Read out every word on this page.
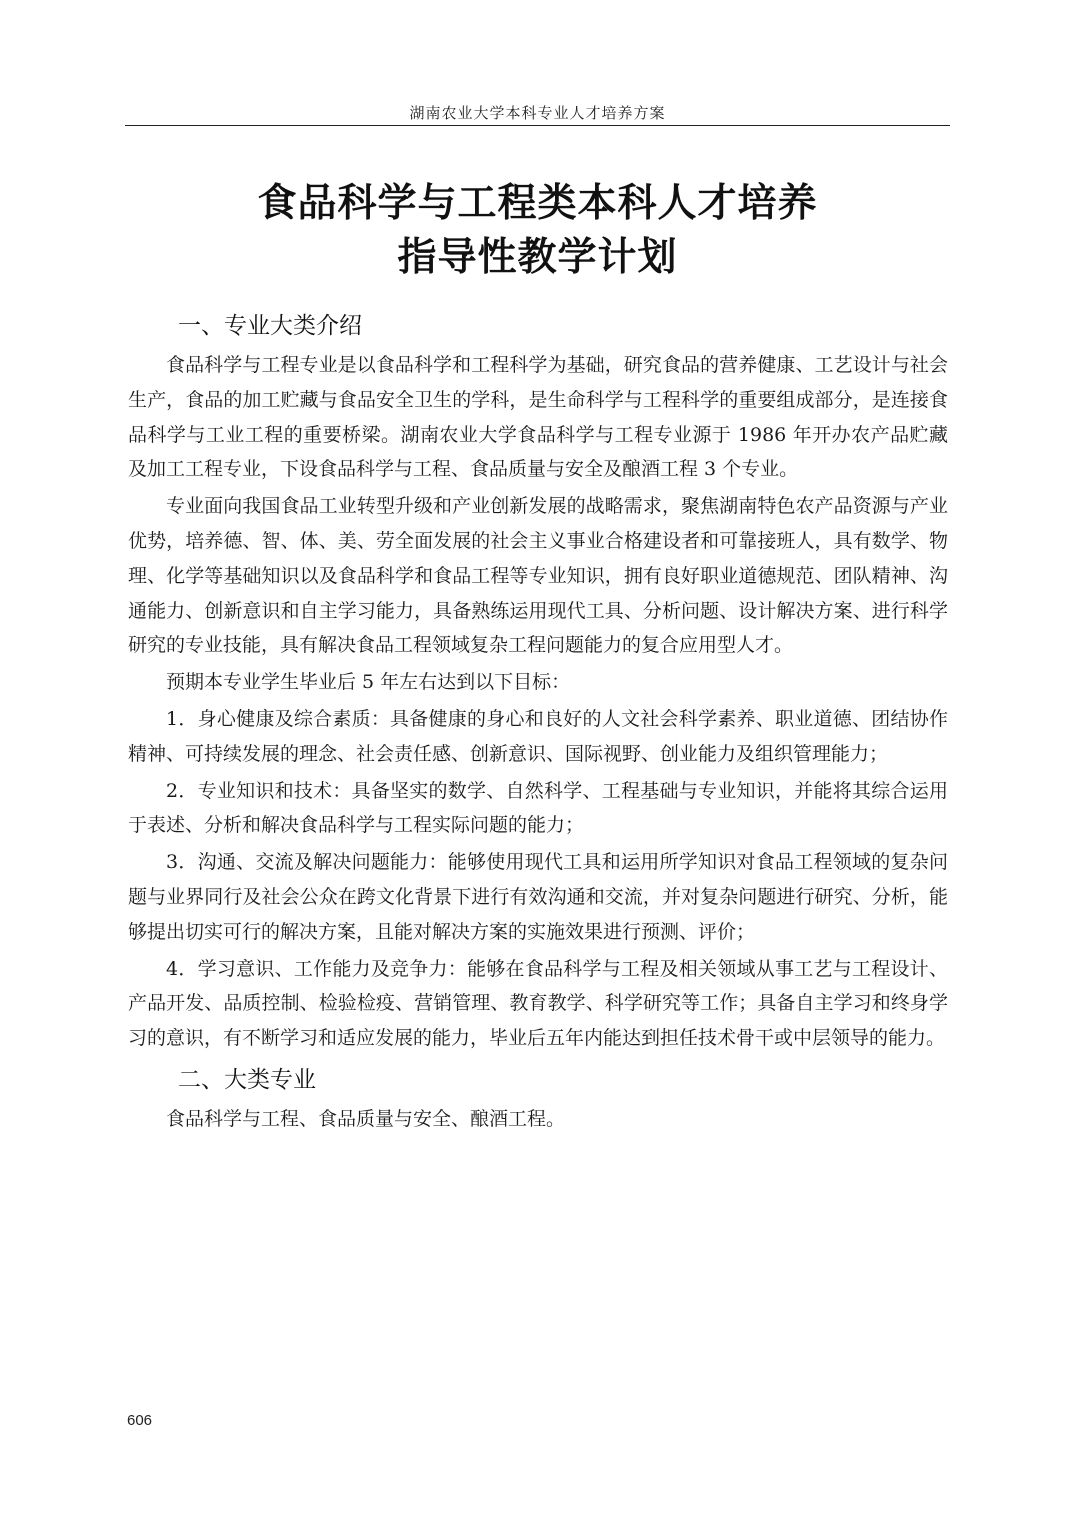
湖南农业大学本科专业人才培养方案
食品科学与工程类本科人才培养
指导性教学计划
一、专业大类介绍

食品科学与工程专业是以食品科学和工程科学为基础，研究食品的营养健康、工艺设计与社会生产，食品的加工贮藏与食品安全卫生的学科，是生命科学与工程科学的重要组成部分，是连接食品科学与工业工程的重要桥梁。湖南农业大学食品科学与工程专业源于 1986 年开办农产品贮藏及加工工程专业，下设食品科学与工程、食品质量与安全及酿酒工程 3 个专业。

专业面向我国食品工业转型升级和产业创新发展的战略需求，聚焦湖南特色农产品资源与产业优势，培养德、智、体、美、劳全面发展的社会主义事业合格建设者和可靠接班人，具有数学、物理、化学等基础知识以及食品科学和食品工程等专业知识，拥有良好职业道德规范、团队精神、沟通能力、创新意识和自主学习能力，具备熟练运用现代工具、分析问题、设计解决方案、进行科学研究的专业技能，具有解决食品工程领域复杂工程问题能力的复合应用型人才。

预期本专业学生毕业后 5 年左右达到以下目标：

1．身心健康及综合素质：具备健康的身心和良好的人文社会科学素养、职业道德、团结协作精神、可持续发展的理念、社会责任感、创新意识、国际视野、创业能力及组织管理能力；

2．专业知识和技术：具备坚实的数学、自然科学、工程基础与专业知识，并能将其综合运用于表述、分析和解决食品科学与工程实际问题的能力；

3．沟通、交流及解决问题能力：能够使用现代工具和运用所学知识对食品工程领域的复杂问题与业界同行及社会公众在跨文化背景下进行有效沟通和交流，并对复杂问题进行研究、分析，能够提出切实可行的解决方案，且能对解决方案的实施效果进行预测、评价；

4．学习意识、工作能力及竞争力：能够在食品科学与工程及相关领域从事工艺与工程设计、产品开发、品质控制、检验检疫、营销管理、教育教学、科学研究等工作；具备自主学习和终身学习的意识，有不断学习和适应发展的能力，毕业后五年内能达到担任技术骨干或中层领导的能力。

二、大类专业

食品科学与工程、食品质量与安全、酿酒工程。

606
